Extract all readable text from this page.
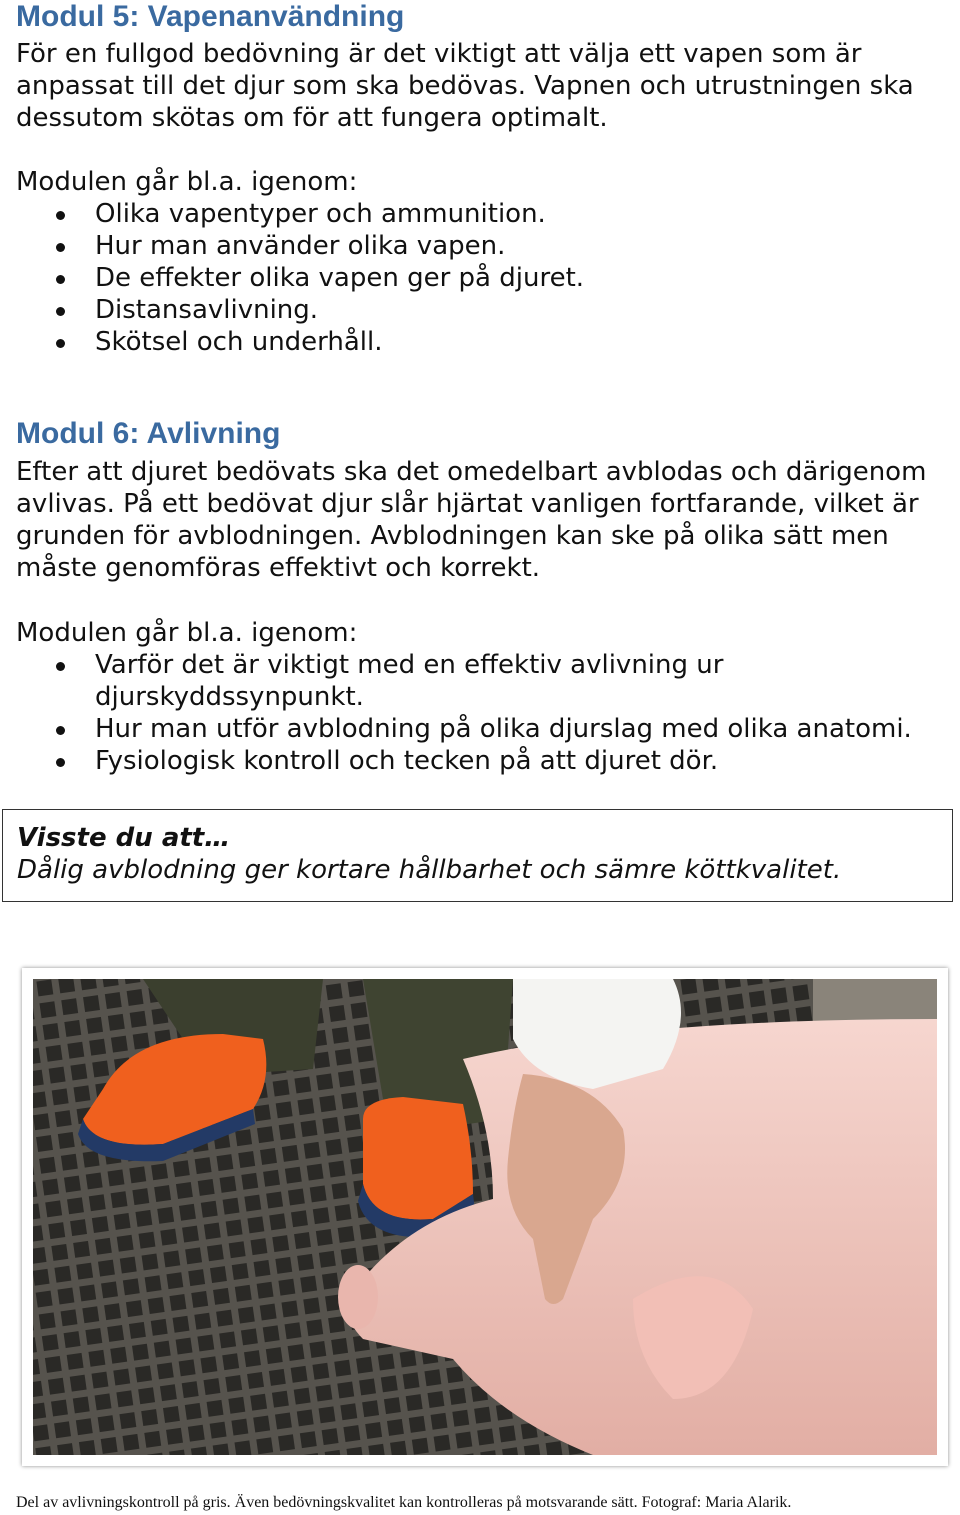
Modul 5: Vapenanvändning

För en fullgod bedövning är det viktigt att välja ett vapen som är anpassat till det djur som ska bedövas. Vapnen och utrustningen ska dessutom skötas om för att fungera optimalt.

Modulen går bl.a. igenom:

Olika vapentyper och ammunition.
Hur man använder olika vapen.
De effekter olika vapen ger på djuret.
Distansavlivning.
Skötsel och underhåll.
Modul 6: Avlivning

Efter att djuret bedövats ska det omedelbart avblodas och därigenom avlivas. På ett bedövat djur slår hjärtat vanligen fortfarande, vilket är grunden för avblodningen. Avblodningen kan ske på olika sätt men måste genomföras effektivt och korrekt.

Modulen går bl.a. igenom:

Varför det är viktigt med en effektiv avlivning ur djurskyddssynpunkt.
Hur man utför avblodning på olika djurslag med olika anatomi.
Fysiologisk kontroll och tecken på att djuret dör.

Visste du att…

Dålig avblodning ger kortare hållbarhet och sämre köttkvalitet.

Del av avlivningskontroll på gris. Även bedövningskvalitet kan kontrolleras på motsvarande sätt. Fotograf: Maria Alarik.
